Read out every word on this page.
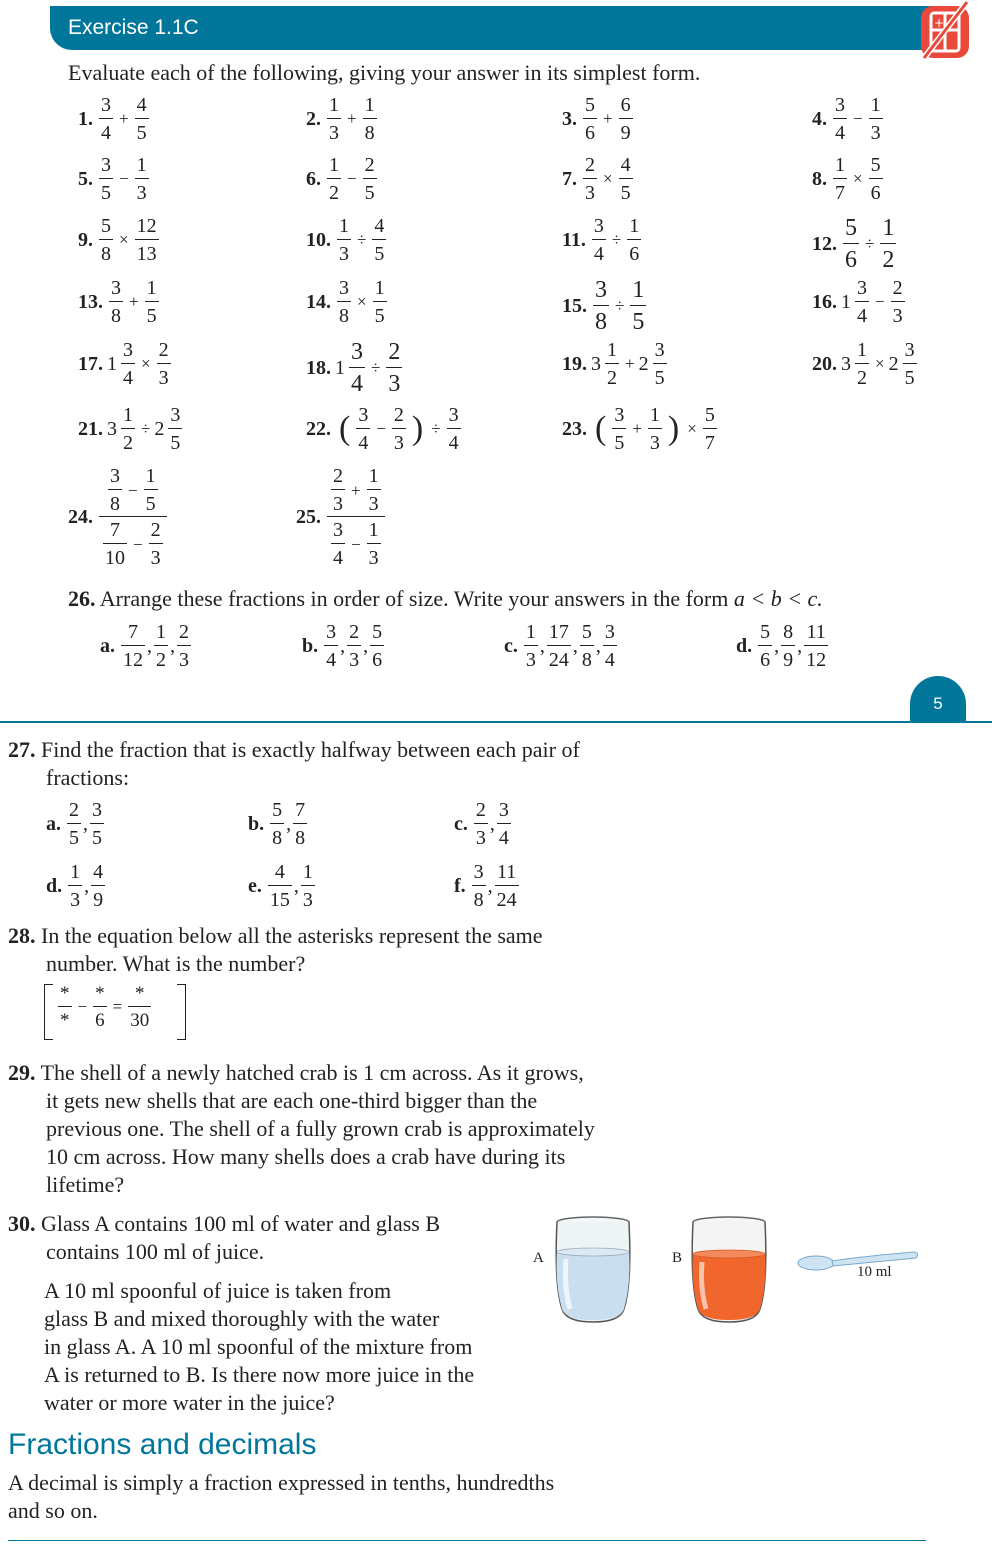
Exercise 1.1C	+
Evaluate each of the following, giving your answer in its simplest form.
1. $\frac{3}{4} + \frac{4}{5}$	2. $\frac{1}{3} + \frac{1}{8}$	3. $\frac{5}{6} + \frac{6}{9}$	4. $\frac{3}{4} - \frac{1}{3}$
5. $\frac{3}{5} - \frac{1}{3}$	6. $\frac{1}{2} - \frac{2}{5}$	7. $\frac{2}{3} \times \frac{4}{5}$	8. $\frac{1}{7} \times \frac{5}{6}$
9. $\frac{5}{8} \times \frac{12}{13}$	10. $\frac{1}{3} \div \frac{4}{5}$	11. $\frac{3}{4} \div \frac{1}{6}$	12. $\frac{5}{6} \div \frac{1}{2}$
13. $\frac{3}{8} + \frac{1}{5}$	14. $\frac{3}{8} \times \frac{1}{5}$	15. $\frac{3}{8} \div \frac{1}{5}$	16. $1 \frac{3}{4} - \frac{2}{3}$
17. $1 \frac{3}{4} \times \frac{2}{3}$	18. $1 \frac{3}{4} \div \frac{2}{3}$	19. $3 \frac{1}{2} + 2 \frac{3}{5}$	20. $3 \frac{1}{2} \times 2 \frac{3}{5}$
21. $3 \frac{1}{2} \div 2 \frac{3}{5}$	22. ( $\frac{3}{4} - \frac{2}{3}$ ) ÷ $\frac{3}{4}$	23. ( $\frac{3}{5} + \frac{1}{3}$ ) × $\frac{5}{7}$
24. $\frac{\frac{3}{8} - \frac{1}{5}}{\frac{7}{10} - \frac{2}{3}}$	25. $\frac{\frac{2}{3} + \frac{1}{3}}{\frac{3}{4} - \frac{1}{3}}$
26. Arrange these fractions in order of size. Write your answers in the form a < b < c.
a. $\frac{7}{12}$ , $\frac{1}{2}$ , $\frac{2}{3}$	b. $\frac{3}{4}$ , $\frac{2}{3}$ , $\frac{5}{6}$	c. $\frac{1}{3}$ , $\frac{17}{24}$ , $\frac{5}{8}$ , $\frac{3}{4}$	d. $\frac{5}{6}$ , $\frac{8}{9}$ , $\frac{11}{12}$
5
27. Find the fraction that is exactly halfway between each pair of
fractions:
a. $\frac{2}{5}$ , $\frac{3}{5}$	b. $\frac{5}{8}$ , $\frac{7}{8}$	c. $\frac{2}{3}$ , $\frac{3}{4}$
d. $\frac{1}{3}$ , $\frac{4}{9}$	e. $\frac{4}{15}$ , $\frac{1}{3}$	f. $\frac{3}{8}$ , $\frac{11}{24}$
28. In the equation below all the asterisks represent the same
number. What is the number?
$\frac{*}{*} - \frac{*}{6} = \frac{*}{30}$
29. The shell of a newly hatched crab is 1 cm across. As it grows,
it gets new shells that are each one-third bigger than the
previous one. The shell of a fully grown crab is approximately
10 cm across. How many shells does a crab have during its
lifetime?
30. Glass A contains 100 ml of water and glass B
contains 100 ml of juice.
A 10 ml spoonful of juice is taken from
glass B and mixed thoroughly with the water
in glass A. A 10 ml spoonful of the mixture from
A is returned to B. Is there now more juice in the
water or more water in the juice?
A	B
10 ml
Fractions and decimals
A decimal is simply a fraction expressed in tenths, hundredths
and so on.
